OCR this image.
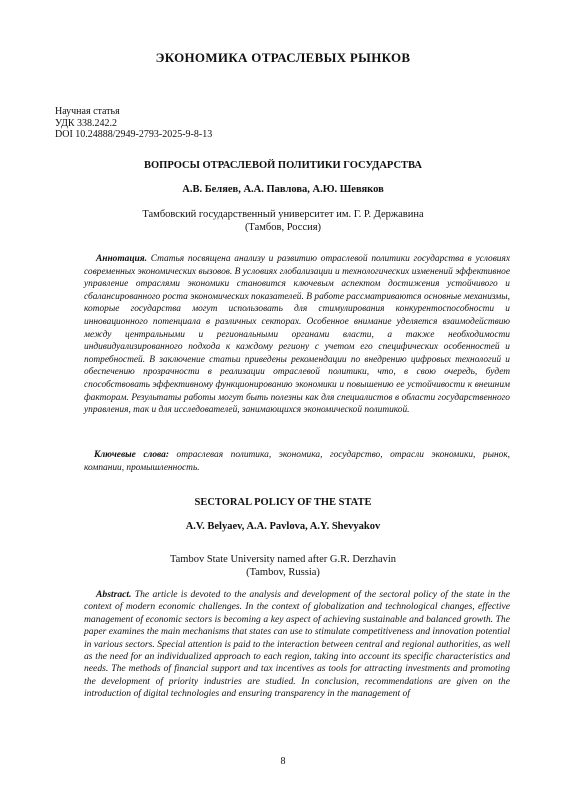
ЭКОНОМИКА ОТРАСЛЕВЫХ РЫНКОВ
Научная статья
УДК 338.242.2
DOI 10.24888/2949-2793-2025-9-8-13
ВОПРОСЫ ОТРАСЛЕВОЙ ПОЛИТИКИ ГОСУДАРСТВА
А.В. Беляев, А.А. Павлова, А.Ю. Шевяков
Тамбовский государственный университет им. Г. Р. Державина
(Тамбов, Россия)
Аннотация. Статья посвящена анализу и развитию отраслевой политики государства в условиях современных экономических вызовов. В условиях глобализации и технологических изменений эффективное управление отраслями экономики становится ключевым аспектом достижения устойчивого и сбалансированного роста экономических показателей. В работе рассматриваются основные механизмы, которые государства могут использовать для стимулирования конкурентоспособности и инновационного потенциала в различных секторах. Особенное внимание уделяется взаимодействию между центральными и региональными органами власти, а также необходимости индивидуализированного подхода к каждому региону с учетом его специфических особенностей и потребностей. В заключение статьи приведены рекомендации по внедрению цифровых технологий и обеспечению прозрачности в реализации отраслевой политики, что, в свою очередь, будет способствовать эффективному функционированию экономики и повышению ее устойчивости к внешним факторам. Результаты работы могут быть полезны как для специалистов в области государственного управления, так и для исследователей, занимающихся экономической политикой.
Ключевые слова: отраслевая политика, экономика, государство, отрасли экономики, рынок, компании, промышленность.
SECTORAL POLICY OF THE STATE
A.V. Belyaev, A.A. Pavlova, A.Y. Shevyakov
Tambov State University named after G.R. Derzhavin
(Tambov, Russia)
Abstract. The article is devoted to the analysis and development of the sectoral policy of the state in the context of modern economic challenges. In the context of globalization and technological changes, effective management of economic sectors is becoming a key aspect of achieving sustainable and balanced growth. The paper examines the main mechanisms that states can use to stimulate competitiveness and innovation potential in various sectors. Special attention is paid to the interaction between central and regional authorities, as well as the need for an individualized approach to each region, taking into account its specific characteristics and needs. The methods of financial support and tax incentives as tools for attracting investments and promoting the development of priority industries are studied. In conclusion, recommendations are given on the introduction of digital technologies and ensuring transparency in the management of
8
